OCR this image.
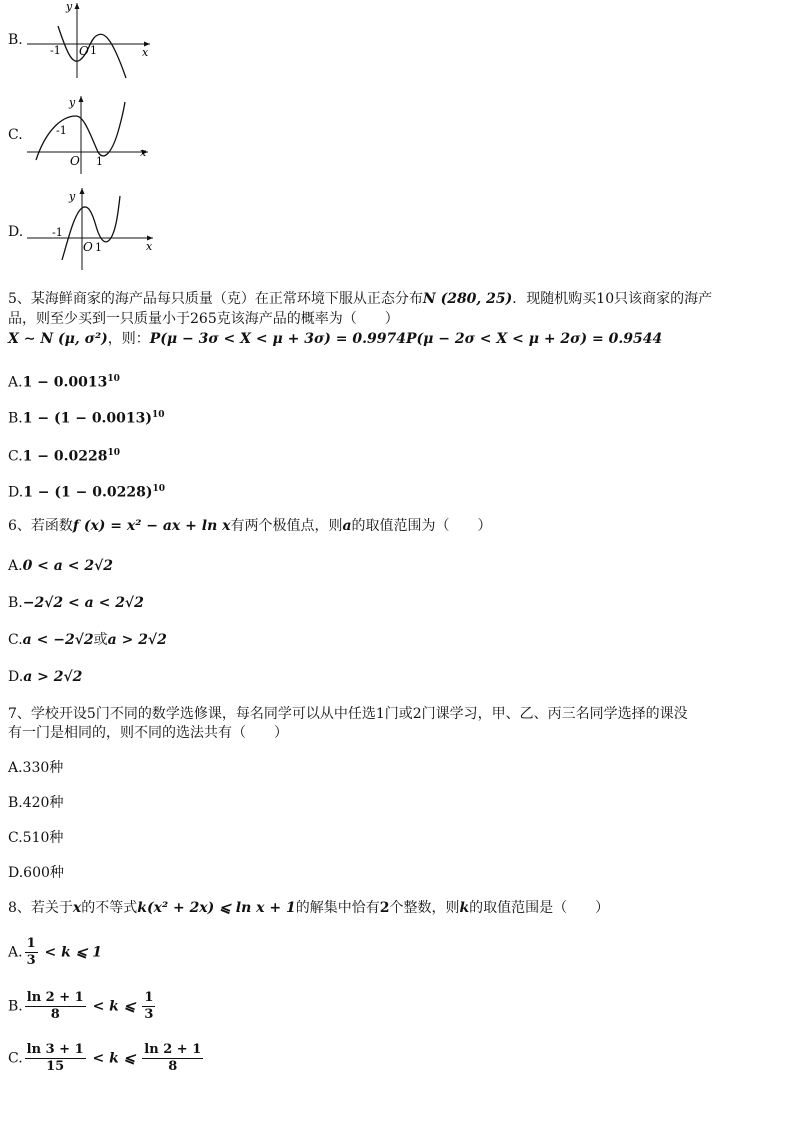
B.
y
x
-1 O 1
C.
y
x
-1
O 1
D.
y
x
-1
O 1
5、某海鲜商家的海产品每只质量（克）在正常环境下服从正态分布N (280, 25)．现随机购买10只该商家的海产
品，则至少买到一只质量小于265克该海产品的概率为（　　）
X ∼ N (μ, σ²)，则：P(μ − 3σ < X < μ + 3σ) = 0.9974P(μ − 2σ < X < μ + 2σ) = 0.9544
$A.1 - 0.0013^{10}$
$B.1 - (1 - 0.0013)^{10}$
$C.1 - 0.0228^{10}$
$D.1 - (1 - 0.0228)^{10}$
6、若函数f (x) = x² − ax + ln x有两个极值点，则a的取值范围为（　　）
A.0 < a < 2√2
B.−2√2 < a < 2√2
C.a < −2√2或a > 2√2
D.a > 2√2
7、学校开设5门不同的数学选修课，每名同学可以从中任选1门或2门课学习，甲、乙、丙三名同学选择的课没
有一门是相同的，则不同的选法共有（　　）
A.330种
B.420种
C.510种
D.600种
8、若关于x的不等式k(x² + 2x) ⩽ ln x + 1的解集中恰有2个整数，则k的取值范围是（　　）
A. $\frac{1}{3} < k$ ⩽ 1
B. $\frac{\ln 2 + 1}{8} < k$ ⩽ $\frac{1}{3}$
C. $\frac{\ln 3 + 1}{15} < k$ ⩽ $\frac{\ln 2 + 1}{8}$
